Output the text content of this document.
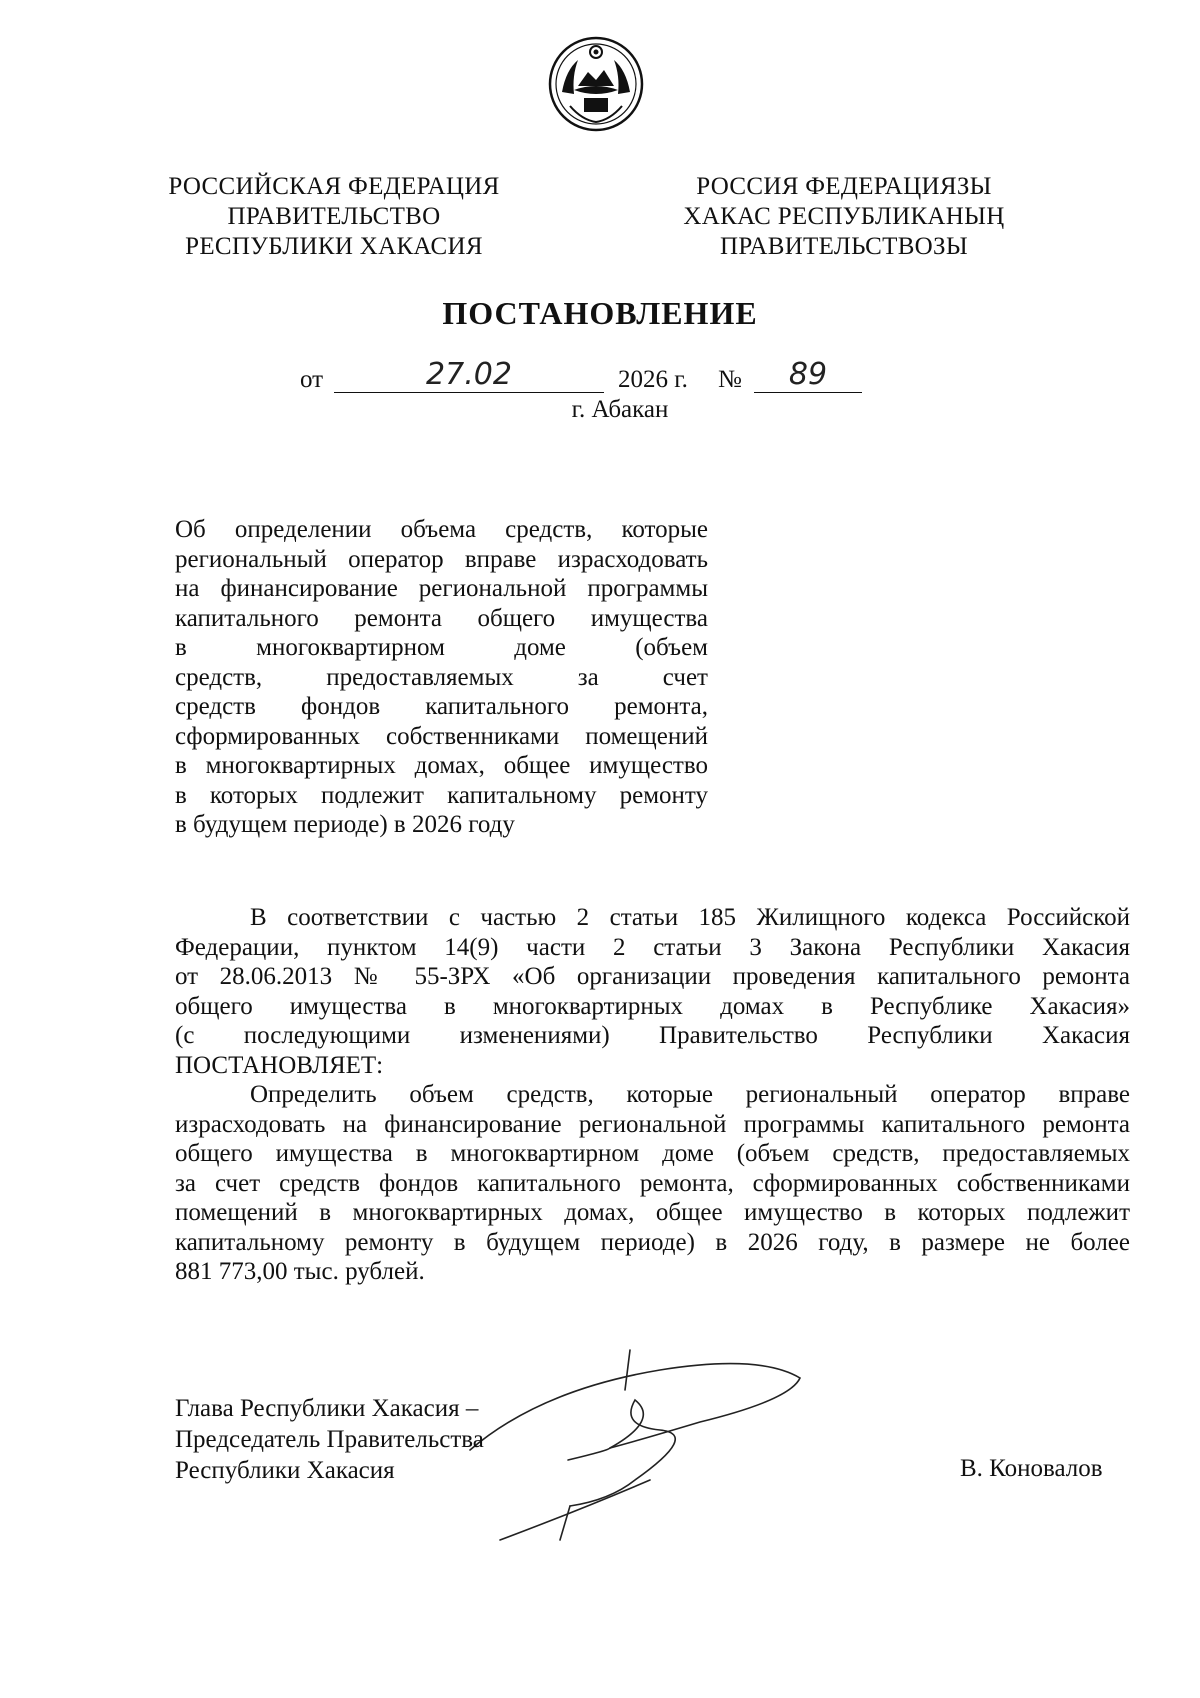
РОССИЙСКАЯ ФЕДЕРАЦИЯ
ПРАВИТЕЛЬСТВО
РЕСПУБЛИКИ ХАКАСИЯ
РОССИЯ ФЕДЕРАЦИЯЗЫ
ХАКАС РЕСПУБЛИКАНЫҢ
ПРАВИТЕЛЬСТВОЗЫ
ПОСТАНОВЛЕНИЕ
от	27.02	2026 г. №	89
г. Абакан
Об определении объема средств, которые
региональный оператор вправе израсходовать
на финансирование региональной программы
капитального ремонта общего имущества
в многоквартирном доме (объем
средств, предоставляемых за счет
средств фондов капитального ремонта,
сформированных собственниками помещений
в многоквартирных домах, общее имущество
в которых подлежит капитальному ремонту
в будущем периоде) в 2026 году
В соответствии с частью 2 статьи 185 Жилищного кодекса Российской
Федерации, пунктом 14(9) части 2 статьи 3 Закона Республики Хакасия
от 28.06.2013 № 55-ЗРХ «Об организации проведения капитального ремонта
общего имущества в многоквартирных домах в Республике Хакасия»
(с последующими изменениями) Правительство Республики Хакасия
ПОСТАНОВЛЯЕТ:
Определить объем средств, которые региональный оператор вправе
израсходовать на финансирование региональной программы капитального ремонта
общего имущества в многоквартирном доме (объем средств, предоставляемых
за счет средств фондов капитального ремонта, сформированных собственниками
помещений в многоквартирных домах, общее имущество в которых подлежит
капитальному ремонту в будущем периоде) в 2026 году, в размере не более
881 773,00 тыс. рублей.
Глава Республики Хакасия –
Председатель Правительства
Республики Хакасия	В. Коновалов
